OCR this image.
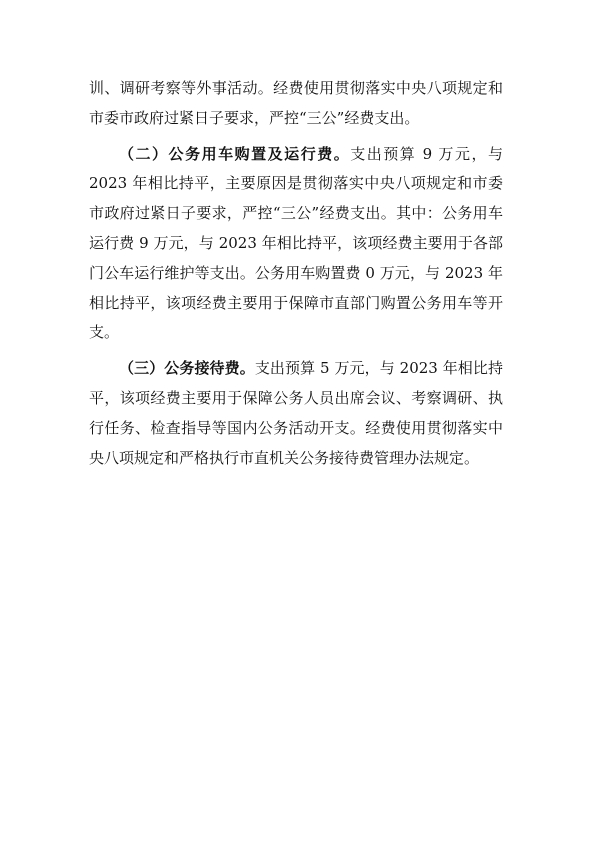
训、调研考察等外事活动。经费使用贯彻落实中央八项规定和市委市政府过紧日子要求，严控“三公”经费支出。

（二）公务用车购置及运行费。支出预算 9 万元，与 2023 年相比持平，主要原因是贯彻落实中央八项规定和市委市政府过紧日子要求，严控“三公”经费支出。其中：公务用车运行费 9 万元，与 2023 年相比持平，该项经费主要用于各部门公车运行维护等支出。公务用车购置费 0 万元，与 2023 年相比持平，该项经费主要用于保障市直部门购置公务用车等开支。

（三）公务接待费。支出预算 5 万元，与 2023 年相比持平，该项经费主要用于保障公务人员出席会议、考察调研、执行任务、检查指导等国内公务活动开支。经费使用贯彻落实中央八项规定和严格执行市直机关公务接待费管理办法规定。
